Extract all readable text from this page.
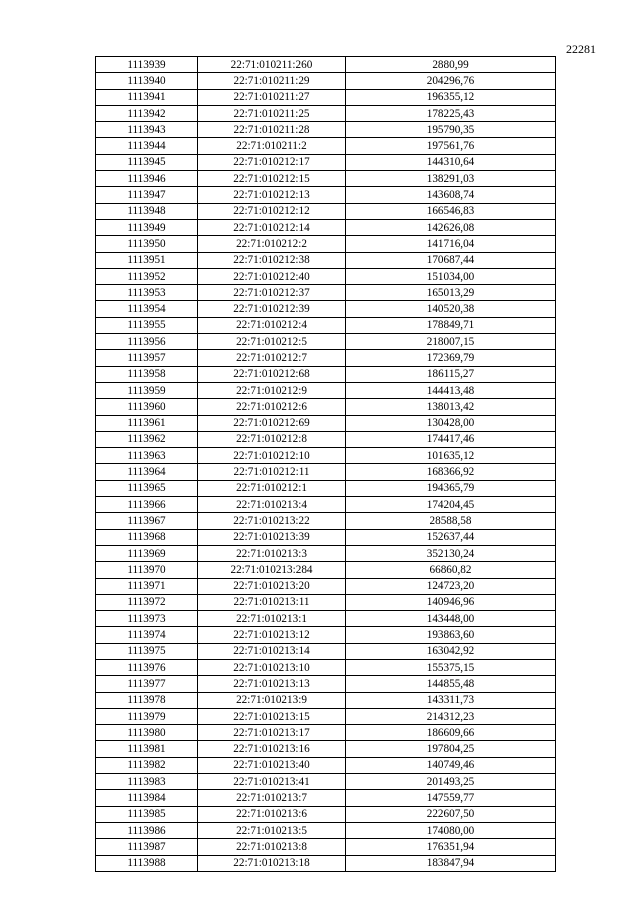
22281
1113939	22:71:010211:260	2880,99
1113940	22:71:010211:29	204296,76
1113941	22:71:010211:27	196355,12
1113942	22:71:010211:25	178225,43
1113943	22:71:010211:28	195790,35
1113944	22:71:010211:2	197561,76
1113945	22:71:010212:17	144310,64
1113946	22:71:010212:15	138291,03
1113947	22:71:010212:13	143608,74
1113948	22:71:010212:12	166546,83
1113949	22:71:010212:14	142626,08
1113950	22:71:010212:2	141716,04
1113951	22:71:010212:38	170687,44
1113952	22:71:010212:40	151034,00
1113953	22:71:010212:37	165013,29
1113954	22:71:010212:39	140520,38
1113955	22:71:010212:4	178849,71
1113956	22:71:010212:5	218007,15
1113957	22:71:010212:7	172369,79
1113958	22:71:010212:68	186115,27
1113959	22:71:010212:9	144413,48
1113960	22:71:010212:6	138013,42
1113961	22:71:010212:69	130428,00
1113962	22:71:010212:8	174417,46
1113963	22:71:010212:10	101635,12
1113964	22:71:010212:11	168366,92
1113965	22:71:010212:1	194365,79
1113966	22:71:010213:4	174204,45
1113967	22:71:010213:22	28588,58
1113968	22:71:010213:39	152637,44
1113969	22:71:010213:3	352130,24
1113970	22:71:010213:284	66860,82
1113971	22:71:010213:20	124723,20
1113972	22:71:010213:11	140946,96
1113973	22:71:010213:1	143448,00
1113974	22:71:010213:12	193863,60
1113975	22:71:010213:14	163042,92
1113976	22:71:010213:10	155375,15
1113977	22:71:010213:13	144855,48
1113978	22:71:010213:9	143311,73
1113979	22:71:010213:15	214312,23
1113980	22:71:010213:17	186609,66
1113981	22:71:010213:16	197804,25
1113982	22:71:010213:40	140749,46
1113983	22:71:010213:41	201493,25
1113984	22:71:010213:7	147559,77
1113985	22:71:010213:6	222607,50
1113986	22:71:010213:5	174080,00
1113987	22:71:010213:8	176351,94
1113988	22:71:010213:18	183847,94
